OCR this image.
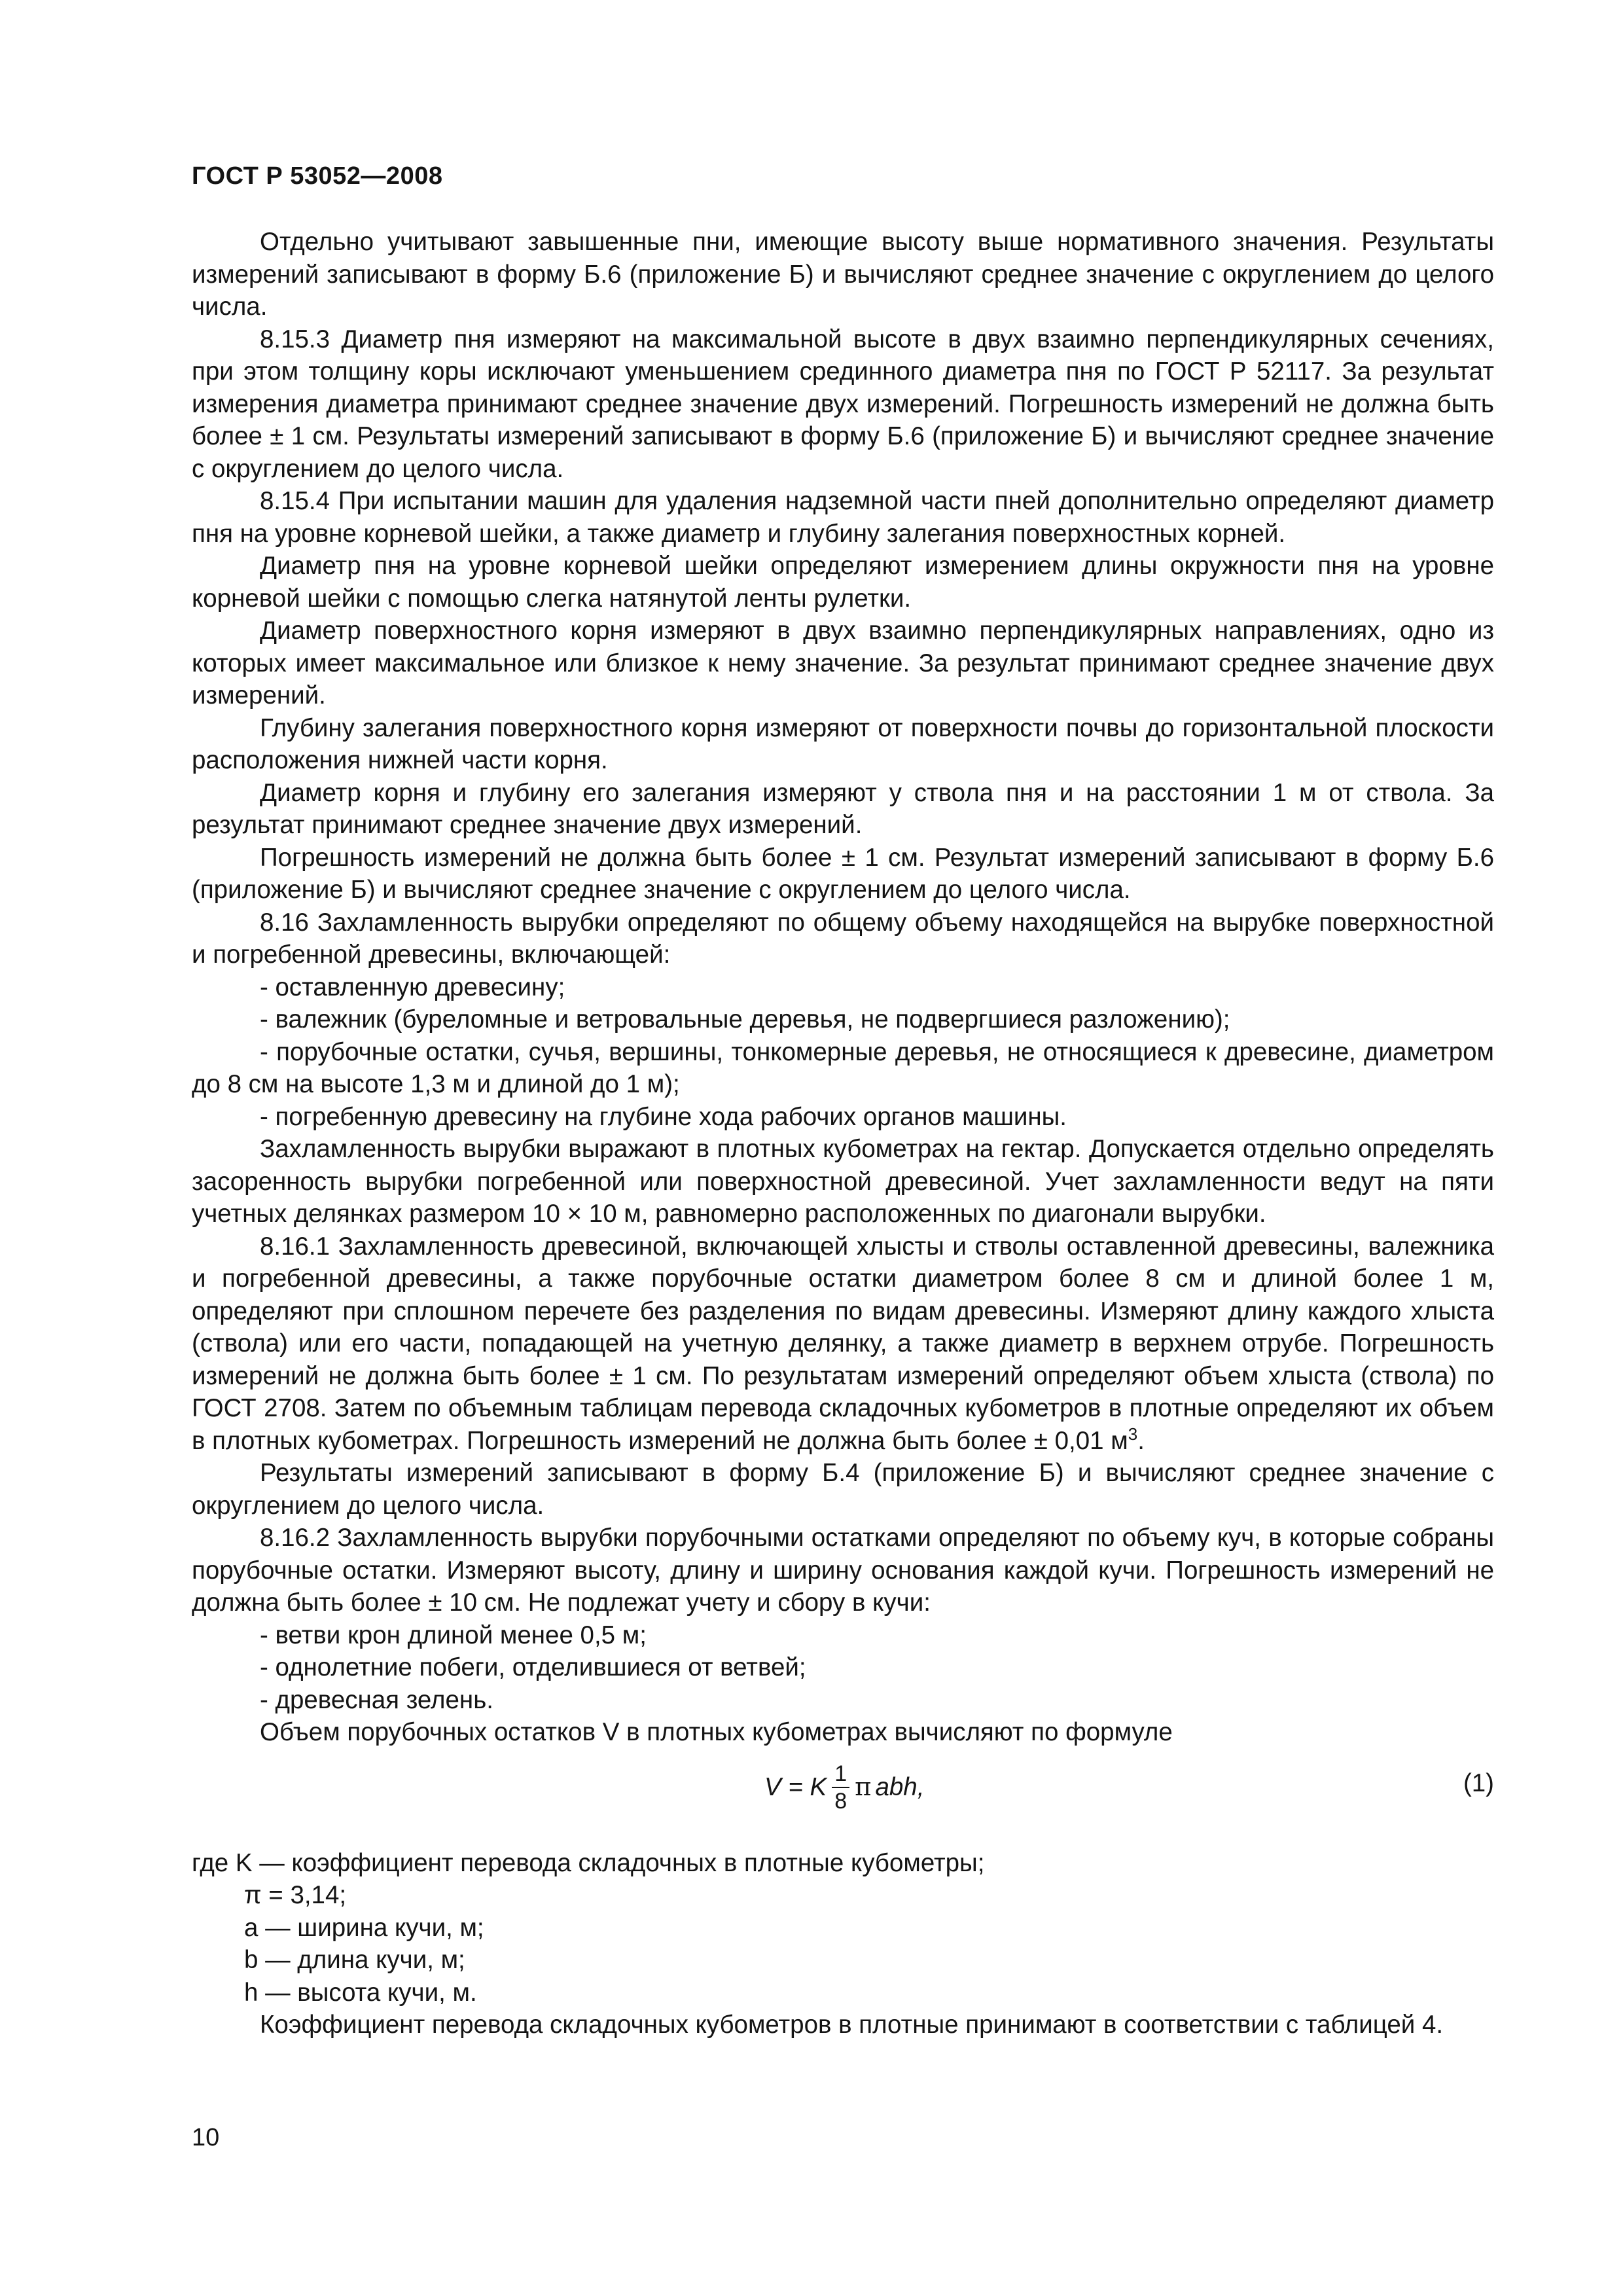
ГОСТ Р 53052—2008

Отдельно учитывают завышенные пни, имеющие высоту выше нормативного значения. Результаты измерений записывают в форму Б.6 (приложение Б) и вычисляют среднее значение с округлением до целого числа.

8.15.3 Диаметр пня измеряют на максимальной высоте в двух взаимно перпендикулярных сечениях, при этом толщину коры исключают уменьшением срединного диаметра пня по ГОСТ Р 52117. За результат измерения диаметра принимают среднее значение двух измерений. Погрешность измерений не должна быть более ± 1 см. Результаты измерений записывают в форму Б.6 (приложение Б) и вычисляют среднее значение с округлением до целого числа.

8.15.4 При испытании машин для удаления надземной части пней дополнительно определяют диаметр пня на уровне корневой шейки, а также диаметр и глубину залегания поверхностных корней.

Диаметр пня на уровне корневой шейки определяют измерением длины окружности пня на уровне корневой шейки с помощью слегка натянутой ленты рулетки.

Диаметр поверхностного корня измеряют в двух взаимно перпендикулярных направлениях, одно из которых имеет максимальное или близкое к нему значение. За результат принимают среднее значение двух измерений.

Глубину залегания поверхностного корня измеряют от поверхности почвы до горизонтальной плоскости расположения нижней части корня.

Диаметр корня и глубину его залегания измеряют у ствола пня и на расстоянии 1 м от ствола. За результат принимают среднее значение двух измерений.

Погрешность измерений не должна быть более ± 1 см. Результат измерений записывают в форму Б.6 (приложение Б) и вычисляют среднее значение с округлением до целого числа.

8.16 Захламленность вырубки определяют по общему объему находящейся на вырубке поверхностной и погребенной древесины, включающей:

- оставленную древесину;

- валежник (буреломные и ветровальные деревья, не подвергшиеся разложению);

- порубочные остатки, сучья, вершины, тонкомерные деревья, не относящиеся к древесине, диаметром до 8 см на высоте 1,3 м и длиной до 1 м);

- погребенную древесину на глубине хода рабочих органов машины.

Захламленность вырубки выражают в плотных кубометрах на гектар. Допускается отдельно определять засоренность вырубки погребенной или поверхностной древесиной. Учет захламленности ведут на пяти учетных делянках размером 10 × 10 м, равномерно расположенных по диагонали вырубки.

8.16.1 Захламленность древесиной, включающей хлысты и стволы оставленной древесины, валежника и погребенной древесины, а также порубочные остатки диаметром более 8 см и длиной более 1 м, определяют при сплошном перечете без разделения по видам древесины. Измеряют длину каждого хлыста (ствола) или его части, попадающей на учетную делянку, а также диаметр в верхнем отрубе. Погрешность измерений не должна быть более ± 1 см. По результатам измерений определяют объем хлыста (ствола) по ГОСТ 2708. Затем по объемным таблицам перевода складочных кубометров в плотные определяют их объем в плотных кубометрах. Погрешность измерений не должна быть более ± 0,01 $м^3$.

Результаты измерений записывают в форму Б.4 (приложение Б) и вычисляют среднее значение с округлением до целого числа.

8.16.2 Захламленность вырубки порубочными остатками определяют по объему куч, в которые собраны порубочные остатки. Измеряют высоту, длину и ширину основания каждой кучи. Погрешность измерений не должна быть более ± 10 см. Не подлежат учету и сбору в кучи:

- ветви крон длиной менее 0,5 м;

- однолетние побеги, отделившиеся от ветвей;

- древесная зелень.

Объем порубочных остатков V в плотных кубометрах вычисляют по формуле

V = K $\frac{1}{8}$ π abh,	(1)

где K — коэффициент перевода складочных в плотные кубометры;

π = 3,14;

a — ширина кучи, м;

b — длина кучи, м;

h — высота кучи, м.

Коэффициент перевода складочных кубометров в плотные принимают в соответствии с таблицей 4.

10
